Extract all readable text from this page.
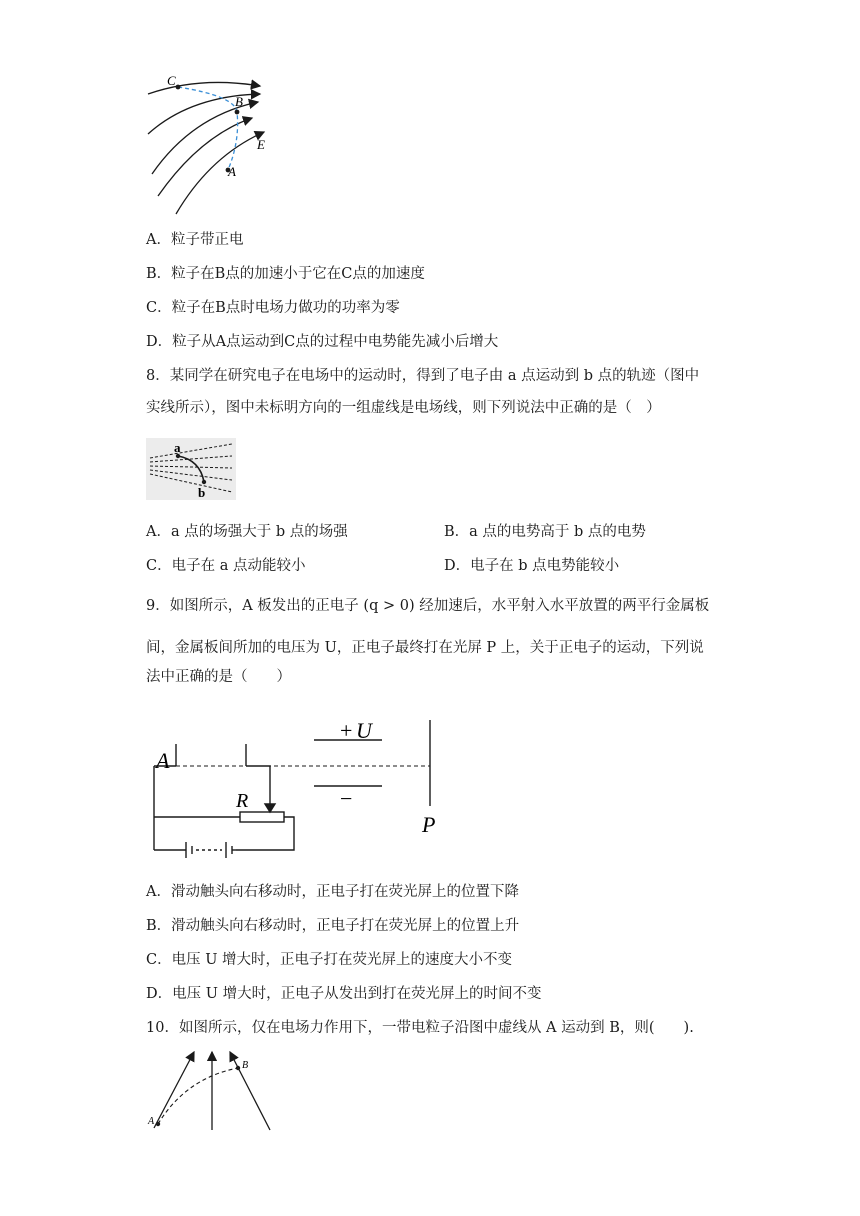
C
B
E
A
A．粒子带正电
B．粒子在B点的加速小于它在C点的加速度
C．粒子在B点时电场力做功的功率为零
D．粒子从A点运动到C点的过程中电势能先减小后增大
8．某同学在研究电子在电场中的运动时，得到了电子由 a 点运动到 b 点的轨迹（图中
实线所示），图中未标明方向的一组虚线是电场线，则下列说法中正确的是（　）
a
b
A．a 点的场强大于 b 点的场强	B．a 点的电势高于 b 点的电势
C．电子在 a 点动能较小	D．电子在 b 点电势能较小
9．如图所示，A 板发出的正电子 (q > 0) 经加速后，水平射入水平放置的两平行金属板
间，金属板间所加的电压为 U，正电子最终打在光屏 P 上，关于正电子的运动，下列说
法中正确的是（　　）
A
R
+ U
−
P
A．滑动触头向右移动时，正电子打在荧光屏上的位置下降
B．滑动触头向右移动时，正电子打在荧光屏上的位置上升
C．电压 U 增大时，正电子打在荧光屏上的速度大小不变
D．电压 U 增大时，正电子从发出到打在荧光屏上的时间不变
10．如图所示，仅在电场力作用下，一带电粒子沿图中虚线从 A 运动到 B，则(　　).
A
B
